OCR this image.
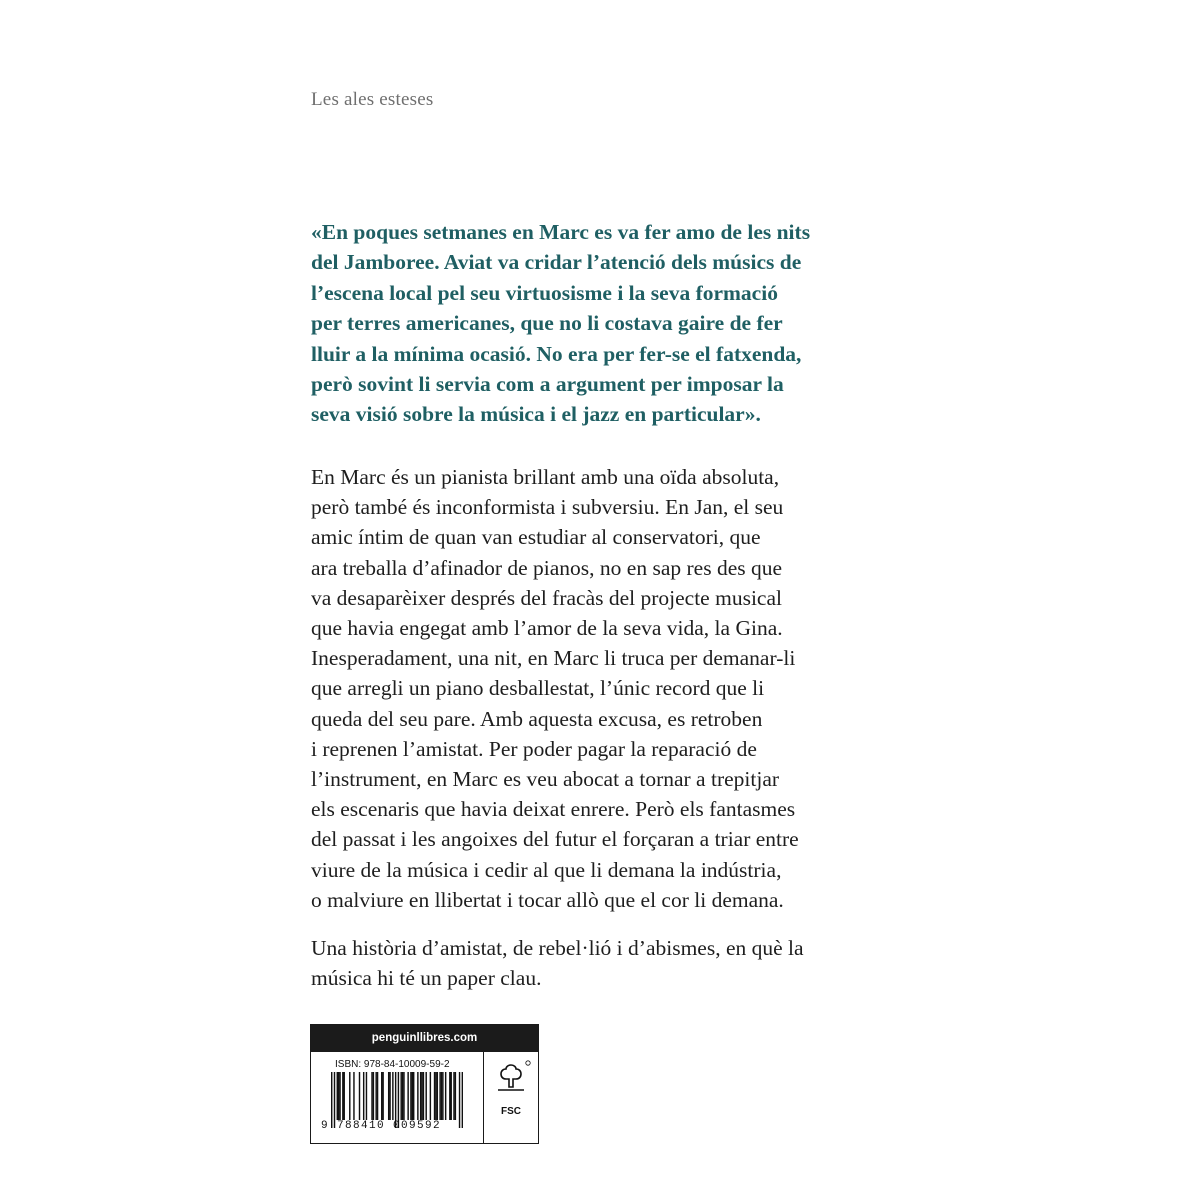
Les ales esteses

«En poques setmanes en Marc es va fer amo de les nits
del Jamboree. Aviat va cridar l’atenció dels músics de
l’escena local pel seu virtuosisme i la seva formació
per terres americanes, que no li costava gaire de fer
lluir a la mínima ocasió. No era per fer-se el fatxenda,
però sovint li servia com a argument per imposar la
seva visió sobre la música i el jazz en particular».

En Marc és un pianista brillant amb una oïda absoluta,
però també és inconformista i subversiu. En Jan, el seu
amic íntim de quan van estudiar al conservatori, que
ara treballa d’afinador de pianos, no en sap res des que
va desaparèixer després del fracàs del projecte musical
que havia engegat amb l’amor de la seva vida, la Gina.
Inesperadament, una nit, en Marc li truca per demanar-li
que arregli un piano desballestat, l’únic record que li
queda del seu pare. Amb aquesta excusa, es retroben
i reprenen l’amistat. Per poder pagar la reparació de
l’instrument, en Marc es veu abocat a tornar a trepitjar
els escenaris que havia deixat enrere. Però els fantasmes
del passat i les angoixes del futur el forçaran a triar entre
viure de la música i cedir al que li demana la indústria,
o malviure en llibertat i tocar allò que el cor li demana.

Una història d’amistat, de rebel·lió i d’abismes, en què la
música hi té un paper clau.

penguinllibres.com
ISBN: 978-84-10009-59-2
9 788410 009592
FSC
